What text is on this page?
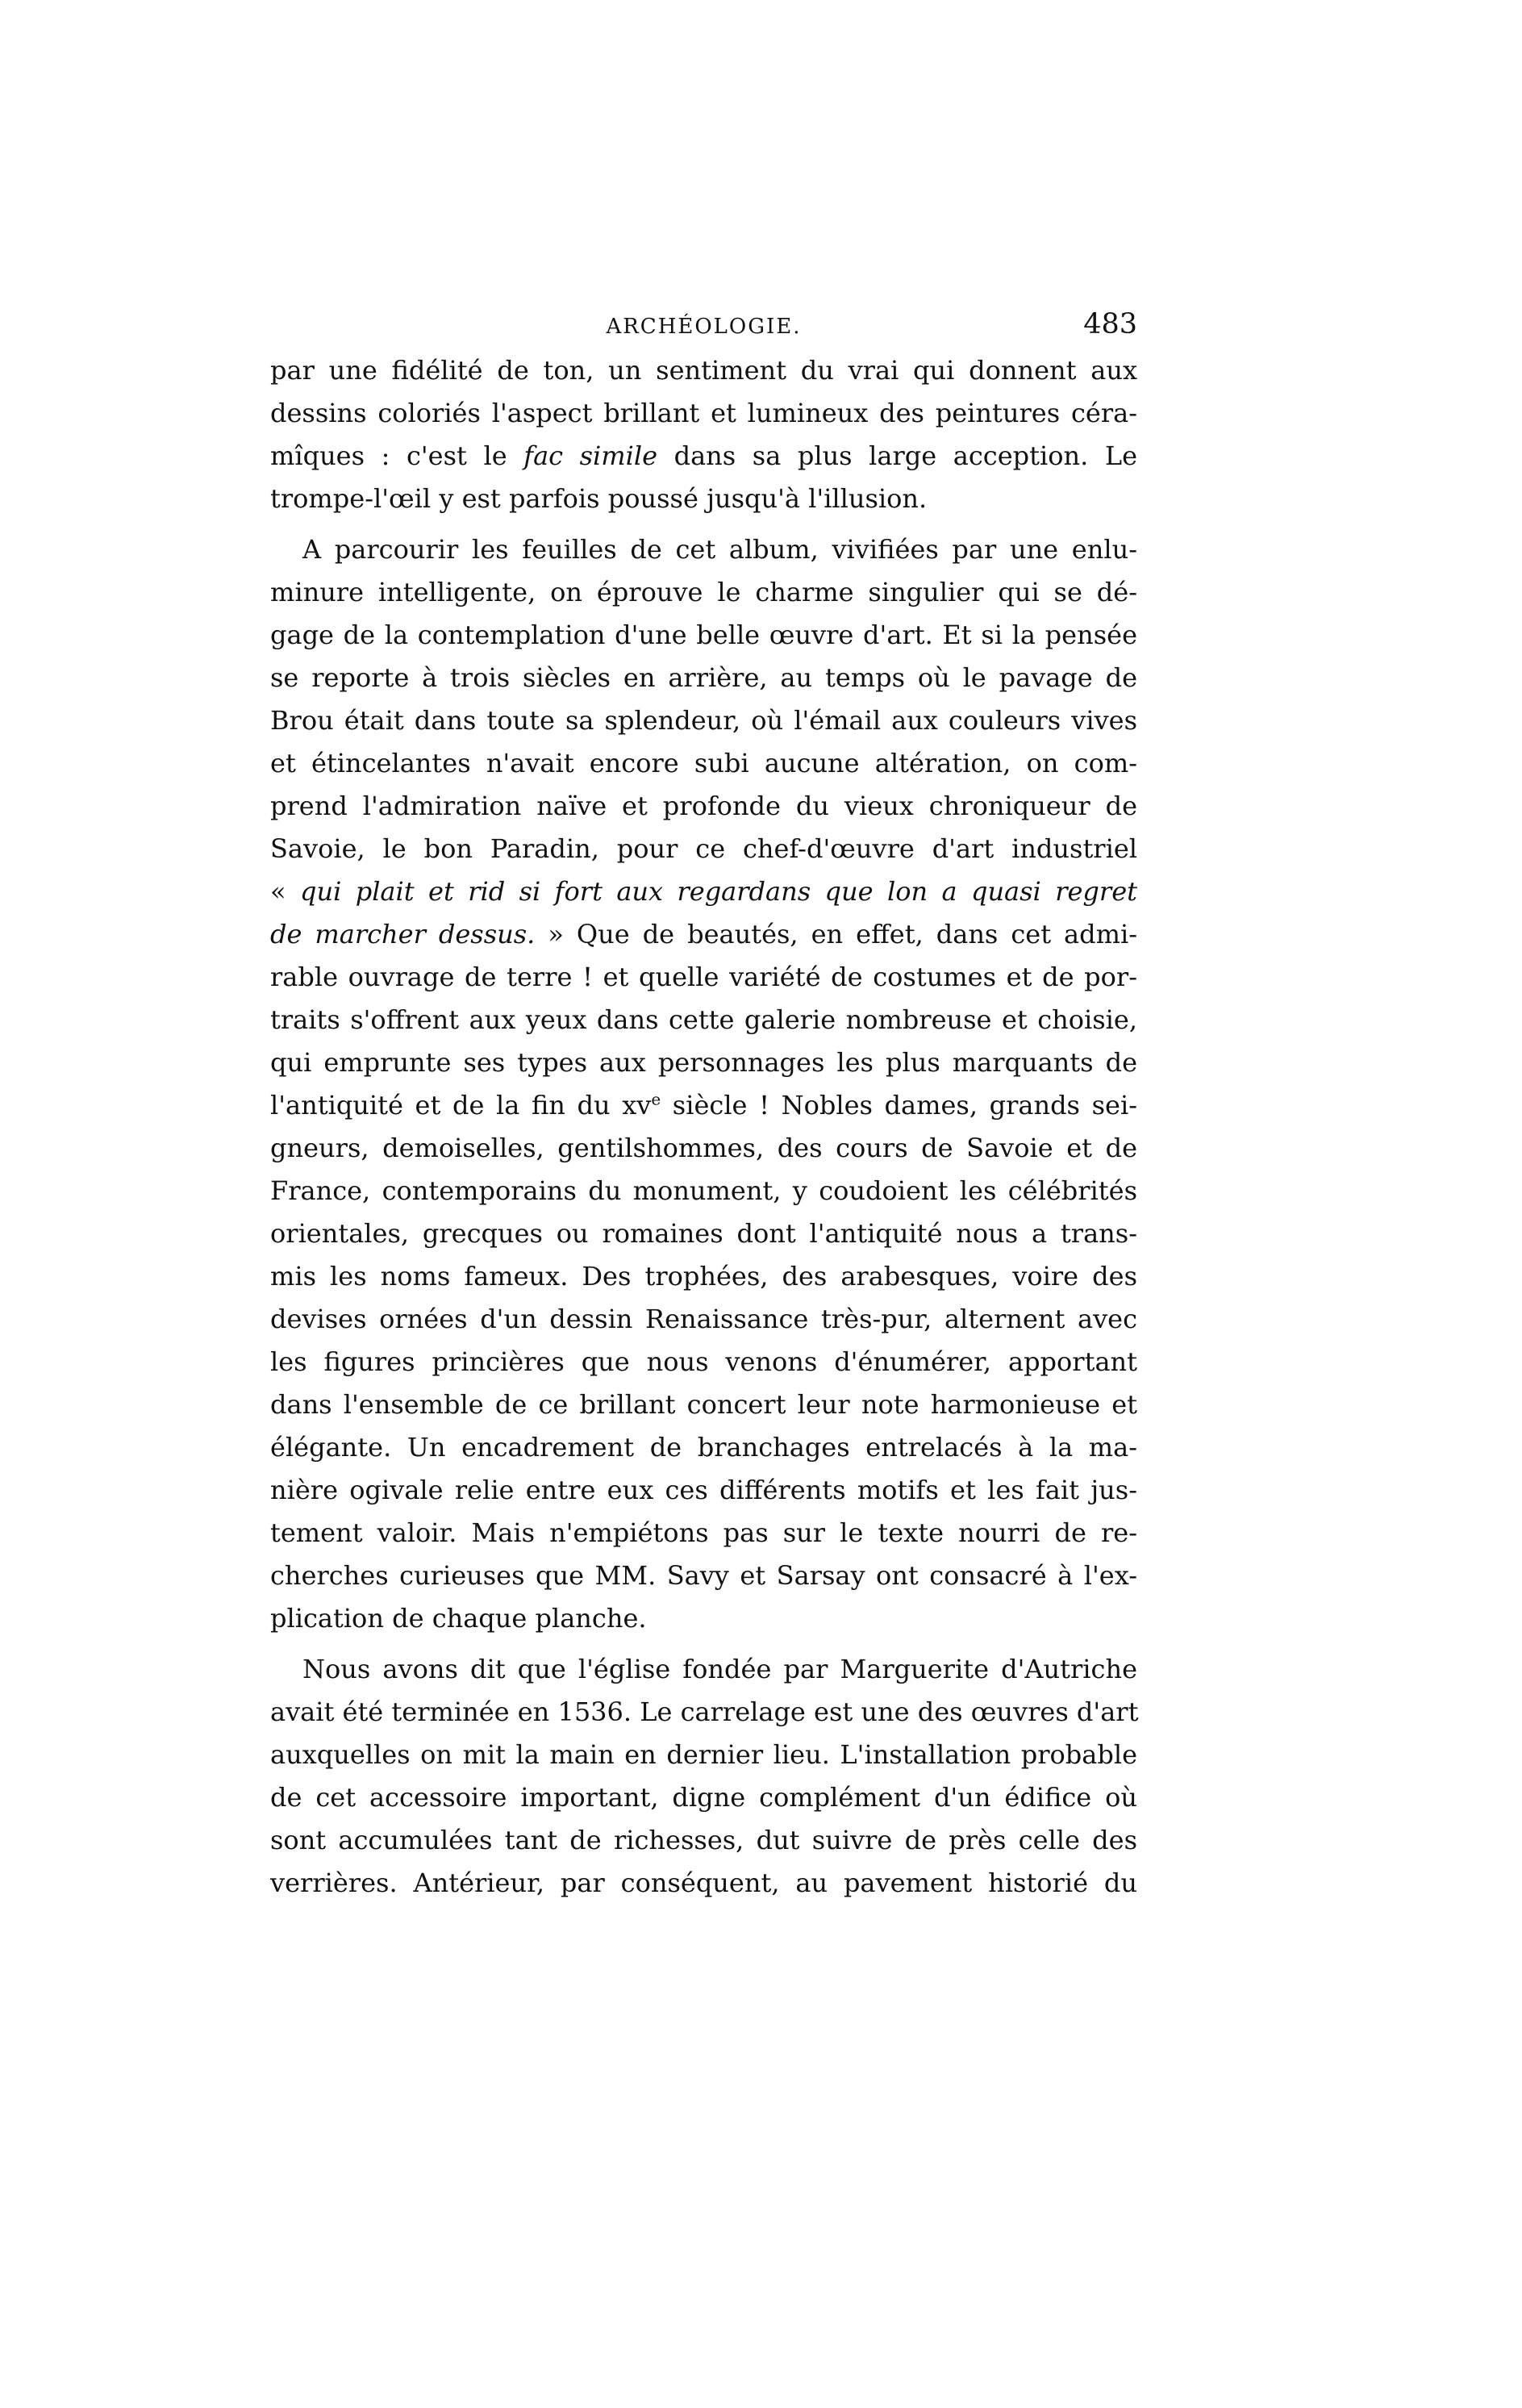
ARCHÉOLOGIE.	483
par une fidélité de ton, un sentiment du vrai qui donnent aux
dessins coloriés l'aspect brillant et lumineux des peintures céra-
mîques : c'est le fac simile dans sa plus large acception. Le
trompe-l'œil y est parfois poussé jusqu'à l'illusion.
A parcourir les feuilles de cet album, vivifiées par une enlu-
minure intelligente, on éprouve le charme singulier qui se dé-
gage de la contemplation d'une belle œuvre d'art. Et si la pensée
se reporte à trois siècles en arrière, au temps où le pavage de
Brou était dans toute sa splendeur, où l'émail aux couleurs vives
et étincelantes n'avait encore subi aucune altération, on com-
prend l'admiration naïve et profonde du vieux chroniqueur de
Savoie, le bon Paradin, pour ce chef-d'œuvre d'art industriel
« qui plait et rid si fort aux regardans que lon a quasi regret
de marcher dessus. » Que de beautés, en effet, dans cet admi-
rable ouvrage de terre ! et quelle variété de costumes et de por-
traits s'offrent aux yeux dans cette galerie nombreuse et choisie,
qui emprunte ses types aux personnages les plus marquants de
l'antiquité et de la fin du $xv^e$ siècle ! Nobles dames, grands sei-
gneurs, demoiselles, gentilshommes, des cours de Savoie et de
France, contemporains du monument, y coudoient les célébrités
orientales, grecques ou romaines dont l'antiquité nous a trans-
mis les noms fameux. Des trophées, des arabesques, voire des
devises ornées d'un dessin Renaissance très-pur, alternent avec
les figures princières que nous venons d'énumérer, apportant
dans l'ensemble de ce brillant concert leur note harmonieuse et
élégante. Un encadrement de branchages entrelacés à la ma-
nière ogivale relie entre eux ces différents motifs et les fait jus-
tement valoir. Mais n'empiétons pas sur le texte nourri de re-
cherches curieuses que MM. Savy et Sarsay ont consacré à l'ex-
plication de chaque planche.
Nous avons dit que l'église fondée par Marguerite d'Autriche
avait été terminée en 1536. Le carrelage est une des œuvres d'art
auxquelles on mit la main en dernier lieu. L'installation probable
de cet accessoire important, digne complément d'un édifice où
sont accumulées tant de richesses, dut suivre de près celle des
verrières. Antérieur, par conséquent, au pavement historié du
